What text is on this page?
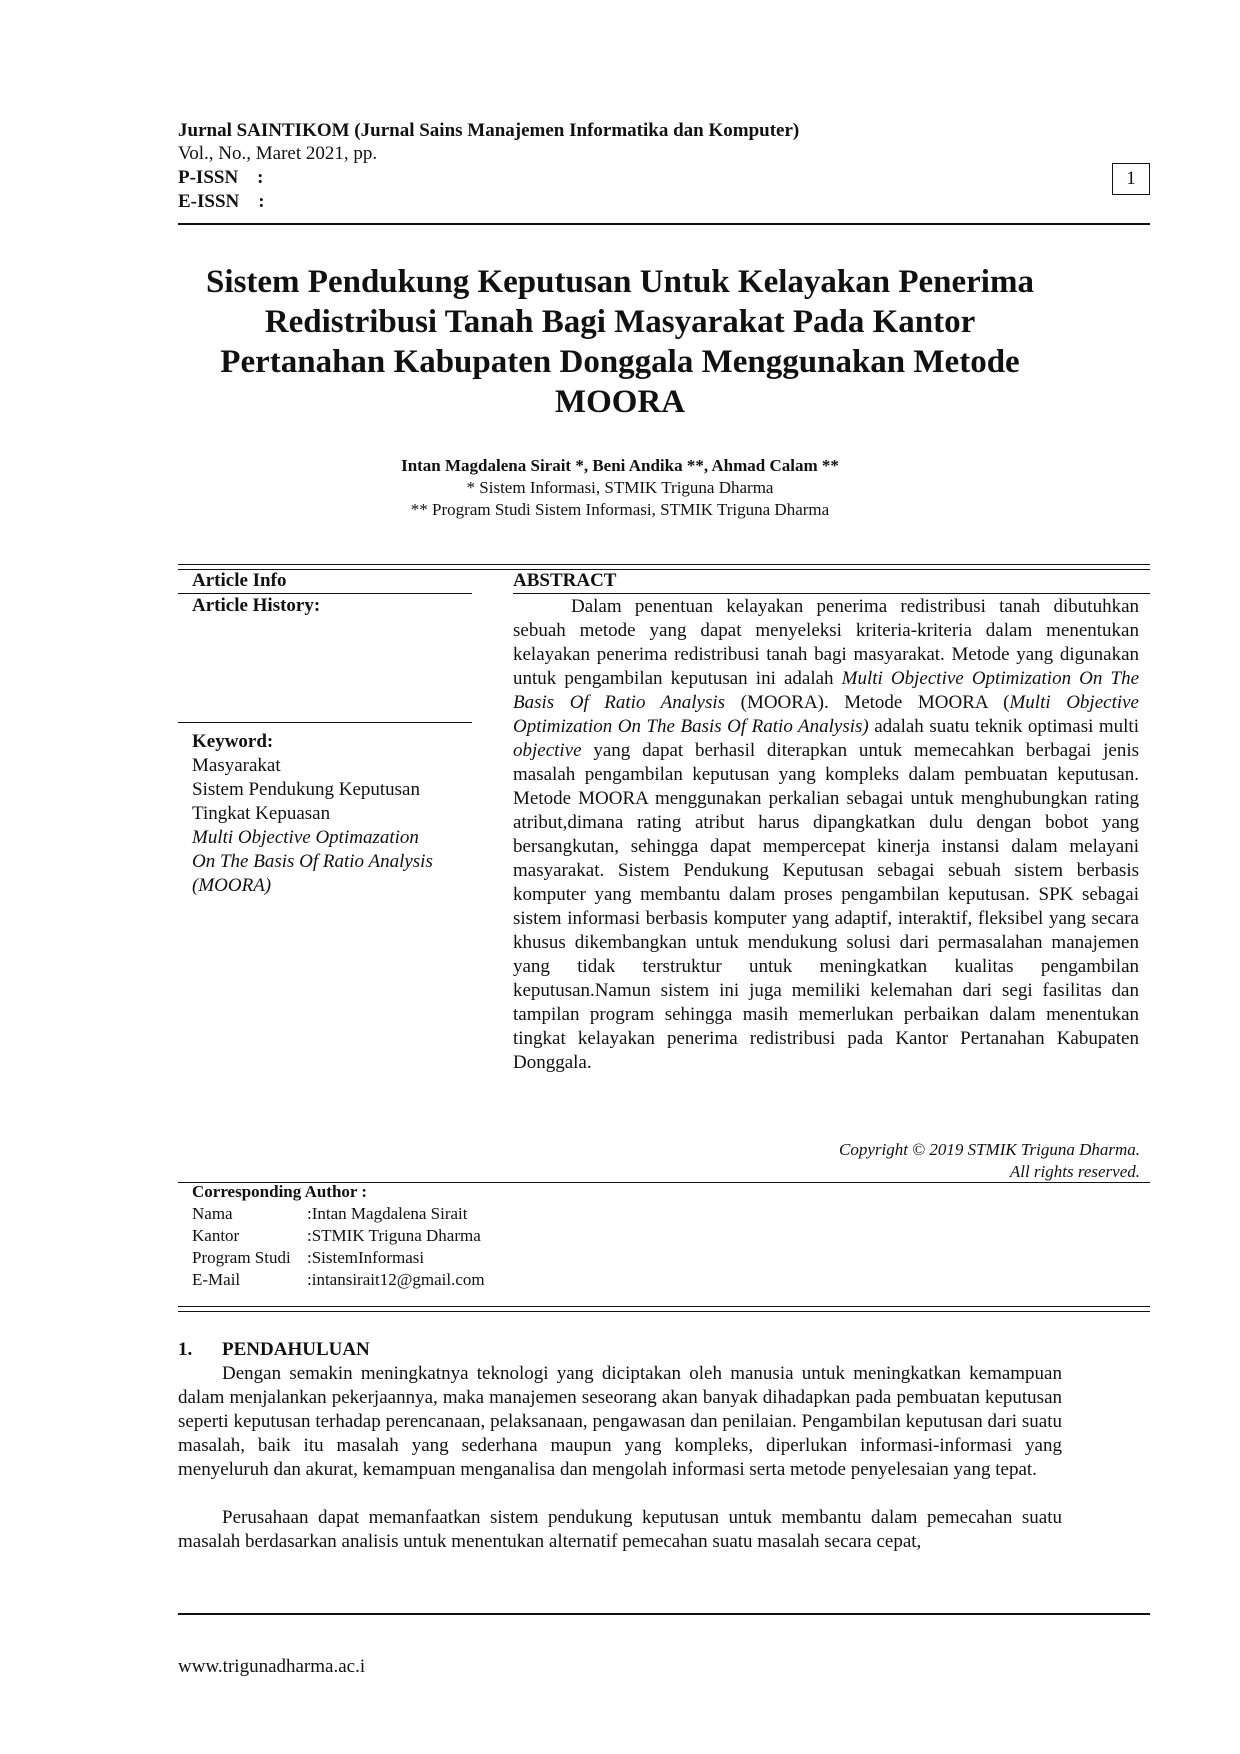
Jurnal SAINTIKOM (Jurnal Sains Manajemen Informatika dan Komputer)
Vol., No., Maret 2021, pp.
P-ISSN    :
E-ISSN    :
1
Sistem Pendukung Keputusan Untuk Kelayakan Penerima
Redistribusi Tanah Bagi Masyarakat Pada Kantor
Pertanahan Kabupaten Donggala Menggunakan Metode
MOORA
Intan Magdalena Sirait *, Beni Andika **, Ahmad Calam **
* Sistem Informasi, STMIK Triguna Dharma
** Program Studi Sistem Informasi, STMIK Triguna Dharma
Article Info
Article History:
ABSTRACT
Keyword:
Masyarakat
Sistem Pendukung Keputusan
Tingkat Kepuasan
Multi Objective Optimazation
On The Basis Of Ratio Analysis
(MOORA)
Dalam penentuan kelayakan penerima redistribusi tanah dibutuhkan sebuah metode yang dapat menyeleksi kriteria-kriteria dalam menentukan kelayakan penerima redistribusi tanah bagi masyarakat. Metode yang digunakan untuk pengambilan keputusan ini adalah Multi Objective Optimization On The Basis Of Ratio Analysis (MOORA). Metode MOORA (Multi Objective Optimization On The Basis Of Ratio Analysis) adalah suatu teknik optimasi multi objective yang dapat berhasil diterapkan untuk memecahkan berbagai jenis masalah pengambilan keputusan yang kompleks dalam pembuatan keputusan. Metode MOORA menggunakan perkalian sebagai untuk menghubungkan rating atribut,dimana rating atribut harus dipangkatkan dulu dengan bobot yang bersangkutan, sehingga dapat mempercepat kinerja instansi dalam melayani masyarakat. Sistem Pendukung Keputusan sebagai sebuah sistem berbasis komputer yang membantu dalam proses pengambilan keputusan. SPK sebagai sistem informasi berbasis komputer yang adaptif, interaktif, fleksibel yang secara khusus dikembangkan untuk mendukung solusi dari permasalahan manajemen yang tidak terstruktur untuk meningkatkan kualitas pengambilan keputusan.Namun sistem ini juga memiliki kelemahan dari segi fasilitas dan tampilan program sehingga masih memerlukan perbaikan dalam menentukan tingkat kelayakan penerima redistribusi pada Kantor Pertanahan Kabupaten Donggala.
Copyright © 2019 STMIK Triguna Dharma.
All rights reserved.
Corresponding Author :
Nama	:Intan Magdalena Sirait
Kantor	:STMIK Triguna Dharma
Program Studi	:SistemInformasi
E-Mail	:intansirait12@gmail.com
1. PENDAHULUAN
Dengan semakin meningkatnya teknologi yang diciptakan oleh manusia untuk meningkatkan kemampuan dalam menjalankan pekerjaannya, maka manajemen seseorang akan banyak dihadapkan pada pembuatan keputusan seperti keputusan terhadap perencanaan, pelaksanaan, pengawasan dan penilaian. Pengambilan keputusan dari suatu masalah, baik itu masalah yang sederhana maupun yang kompleks, diperlukan informasi-informasi yang menyeluruh dan akurat, kemampuan menganalisa dan mengolah informasi serta metode penyelesaian yang tepat.
Perusahaan dapat memanfaatkan sistem pendukung keputusan untuk membantu dalam pemecahan suatu masalah berdasarkan analisis untuk menentukan alternatif pemecahan suatu masalah secara cepat,
www.trigunadharma.ac.i
